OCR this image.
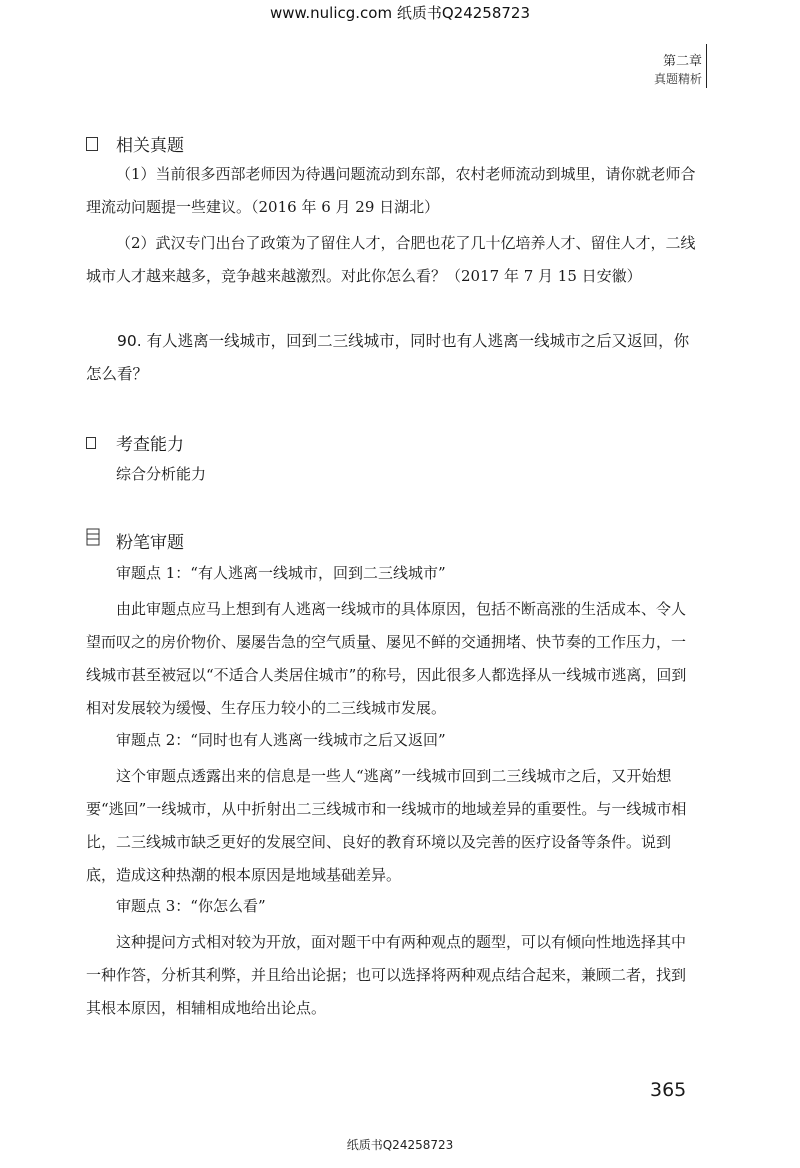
www.nulicg.com 纸质书Q24258723
第二章
真题精析
相关真题
（1）当前很多西部老师因为待遇问题流动到东部，农村老师流动到城里，请你就老师合理流动问题提一些建议。（2016 年 6 月 29 日湖北）
（2）武汉专门出台了政策为了留住人才，合肥也花了几十亿培养人才、留住人才，二线城市人才越来越多，竞争越来越激烈。对此你怎么看？（2017 年 7 月 15 日安徽）
90. 有人逃离一线城市，回到二三线城市，同时也有人逃离一线城市之后又返回，你怎么看？
考查能力
综合分析能力
粉笔审题
审题点 1：“有人逃离一线城市，回到二三线城市”
由此审题点应马上想到有人逃离一线城市的具体原因，包括不断高涨的生活成本、令人望而叹之的房价物价、屡屡告急的空气质量、屡见不鲜的交通拥堵、快节奏的工作压力，一线城市甚至被冠以“不适合人类居住城市”的称号，因此很多人都选择从一线城市逃离，回到相对发展较为缓慢、生存压力较小的二三线城市发展。
审题点 2：“同时也有人逃离一线城市之后又返回”
这个审题点透露出来的信息是一些人“逃离”一线城市回到二三线城市之后，又开始想要“逃回”一线城市，从中折射出二三线城市和一线城市的地域差异的重要性。与一线城市相比，二三线城市缺乏更好的发展空间、良好的教育环境以及完善的医疗设备等条件。说到底，造成这种热潮的根本原因是地域基础差异。
审题点 3：“你怎么看”
这种提问方式相对较为开放，面对题干中有两种观点的题型，可以有倾向性地选择其中一种作答，分析其利弊，并且给出论据；也可以选择将两种观点结合起来，兼顾二者，找到其根本原因，相辅相成地给出论点。
365
纸质书Q24258723
